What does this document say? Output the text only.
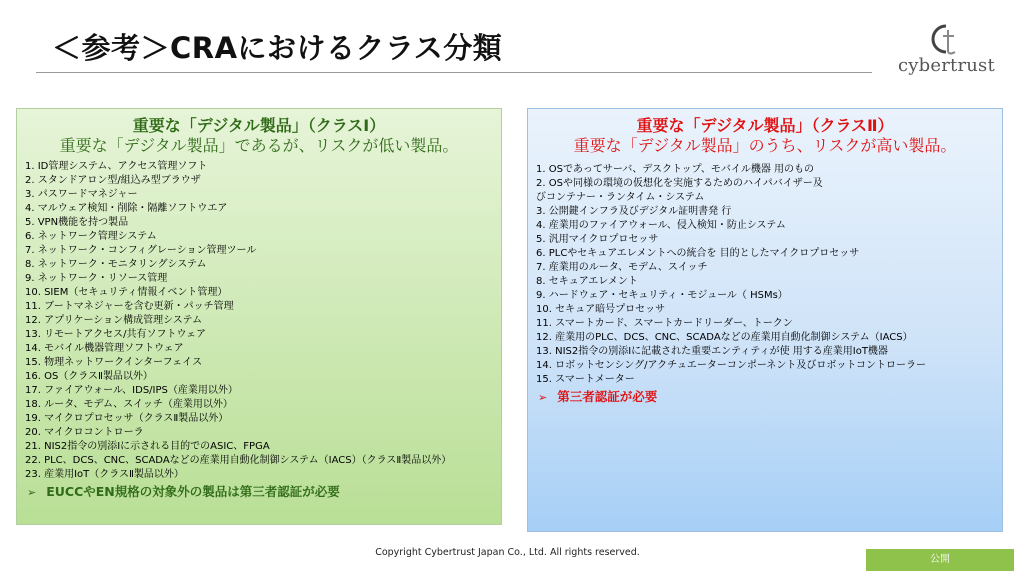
＜参考＞CRAにおけるクラス分類
cybertrust
重要な「デジタル製品」（クラスⅠ）
重要な「デジタル製品」であるが、リスクが低い製品。
1. ID管理システム、アクセス管理ソフト
2. スタンドアロン型/組込み型ブラウザ
3. パスワードマネジャー
4. マルウェア検知・削除・隔離ソフトウエア
5. VPN機能を持つ製品
6. ネットワーク管理システム
7. ネットワーク・コンフィグレーション管理ツール
8. ネットワーク・モニタリングシステム
9. ネットワーク・リソース管理
10. SIEM（セキュリティ情報イベント管理）
11. ブートマネジャーを含む更新・パッチ管理
12. アプリケーション構成管理システム
13. リモートアクセス/共有ソフトウェア
14. モバイル機器管理ソフトウェア
15. 物理ネットワークインターフェイス
16. OS（クラスⅡ製品以外）
17. ファイアウォール、IDS/IPS（産業用以外）
18. ルータ、モデム、スイッチ（産業用以外）
19. マイクロプロセッサ（クラスⅡ製品以外）
20. マイクロコントローラ
21. NIS2指令の別添Ⅰに示される目的でのASIC、FPGA
22. PLC、DCS、CNC、SCADAなどの産業用自動化制御システム（IACS）（クラスⅡ製品以外）
23. 産業用IoT（クラスⅡ製品以外）
➢ EUCCやEN規格の対象外の製品は第三者認証が必要
重要な「デジタル製品」（クラスⅡ）
重要な「デジタル製品」のうち、リスクが高い製品。
1. OSであってサーバ、デスクトップ、モバイル機器 用のもの
2. OSや同様の環境の仮想化を実施するためのハイパバイザー及びコンテナー・ランタイム・システム
3. 公開鍵インフラ及びデジタル証明書発 行
4. 産業用のファイアウォール、侵入検知・防止システム
5. 汎用マイクロプロセッサ
6. PLCやセキュアエレメントへの統合を 目的としたマイクロプロセッサ
7. 産業用のルータ、モデム、スイッチ
8. セキュアエレメント
9. ハードウェア・セキュリティ・モジュール（ HSMs）
10. セキュア暗号プロセッサ
11. スマートカード、スマートカードリーダー、トークン
12. 産業用のPLC、DCS、CNC、SCADAなどの産業用自動化制御システム（IACS）
13. NIS2指令の別添Ⅰに記載された重要エンティティが使 用する産業用IoT機器
14. ロボットセンシング/アクチュエーターコンポーネント及びロボットコントローラー
15. スマートメーター
➢ 第三者認証が必要
Copyright Cybertrust Japan Co., Ltd. All rights reserved.
公開
